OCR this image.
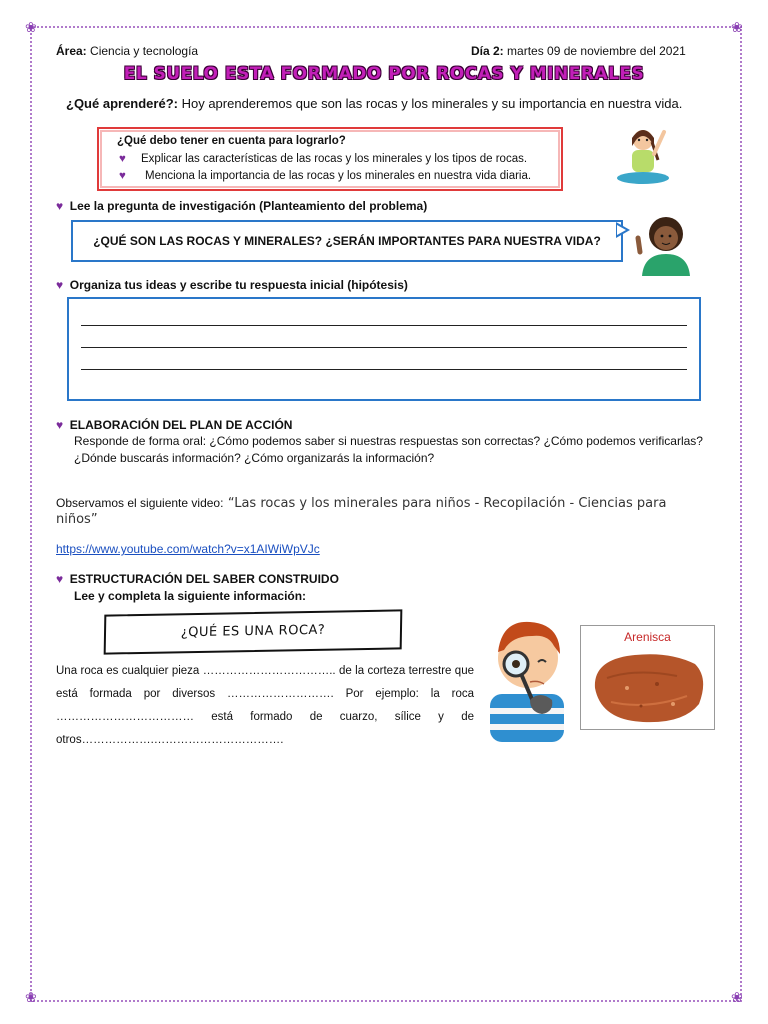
❀	❀
❀	❀
Área: Ciencia y tecnología	Día 2: martes 09 de noviembre del 2021
EL SUELO ESTA FORMADO POR ROCAS Y MINERALES
¿Qué aprenderé?: Hoy aprenderemos que son las rocas y los minerales y su importancia en nuestra vida.
¿Qué debo tener en cuenta para lograrlo?
♥ Explicar las características de las rocas y los minerales y los tipos de rocas.
♥ Menciona la importancia de las rocas y los minerales en nuestra vida diaria.
♥ Lee la pregunta de investigación (Planteamiento del problema)
¿QUÉ SON LAS ROCAS Y MINERALES? ¿SERÁN IMPORTANTES PARA NUESTRA VIDA?
♥ Organiza tus ideas y escribe tu respuesta inicial (hipótesis)
♥ ELABORACIÓN DEL PLAN DE ACCIÓN
Responde de forma oral: ¿Cómo podemos saber si nuestras respuestas son correctas? ¿Cómo podemos verificarlas?
¿Dónde buscarás información? ¿Cómo organizarás la información?
Observamos el siguiente video: “Las rocas y los minerales para niños - Recopilación - Ciencias para
niños”
https://www.youtube.com/watch?v=x1AIWiWpVJc
♥ ESTRUCTURACIÓN DEL SABER CONSTRUIDO
Lee y completa la siguiente información:
¿QUÉ ES UNA ROCA?
Una roca es cualquier pieza …………………………….. de la corteza terrestre que
está formada por diversos ………………………. Por ejemplo: la roca
……………………………… está formado de cuarzo, sílice y de
otros……………….…………………………….
Arenisca
